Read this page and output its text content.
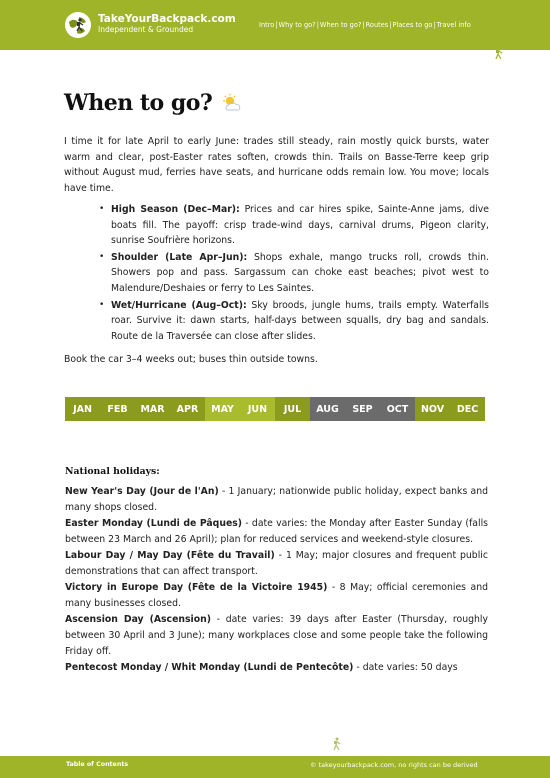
TakeYourBackpack.com
Independent & Grounded	Intro|Why to go?|When to go?|Routes|Places to go|Travel info
When to go?
I time it for late April to early June: trades still steady, rain mostly quick bursts, water warm and clear, post-Easter rates soften, crowds thin. Trails on Basse-Terre keep grip without August mud, ferries have seats, and hurricane odds remain low. You move; locals have time.
• High Season (Dec–Mar): Prices and car hires spike, Sainte-Anne jams, dive boats fill. The payoff: crisp trade-wind days, carnival drums, Pigeon clarity, sunrise Soufrière horizons.
• Shoulder (Late Apr–Jun): Shops exhale, mango trucks roll, crowds thin. Showers pop and pass. Sargassum can choke east beaches; pivot west to Malendure/Deshaies or ferry to Les Saintes.
• Wet/Hurricane (Aug–Oct): Sky broods, jungle hums, trails empty. Waterfalls roar. Survive it: dawn starts, half-days between squalls, dry bag and sandals. Route de la Traversée can close after slides.
Book the car 3–4 weeks out; buses thin outside towns.
JAN	FEB	MAR	APR	MAY	JUN	JUL	AUG	SEP	OCT	NOV	DEC
National holidays:
New Year's Day (Jour de l'An) - 1 January; nationwide public holiday, expect banks and many shops closed.
Easter Monday (Lundi de Pâques) - date varies: the Monday after Easter Sunday (falls between 23 March and 26 April); plan for reduced services and weekend-style closures.
Labour Day / May Day (Fête du Travail) - 1 May; major closures and frequent public demonstrations that can affect transport.
Victory in Europe Day (Fête de la Victoire 1945) - 8 May; official ceremonies and many businesses closed.
Ascension Day (Ascension) - date varies: 39 days after Easter (Thursday, roughly between 30 April and 3 June); many workplaces close and some people take the following Friday off.
Pentecost Monday / Whit Monday (Lundi de Pentecôte) - date varies: 50 days
Table of Contents	© takeyourbackpack.com, no rights can be derived
